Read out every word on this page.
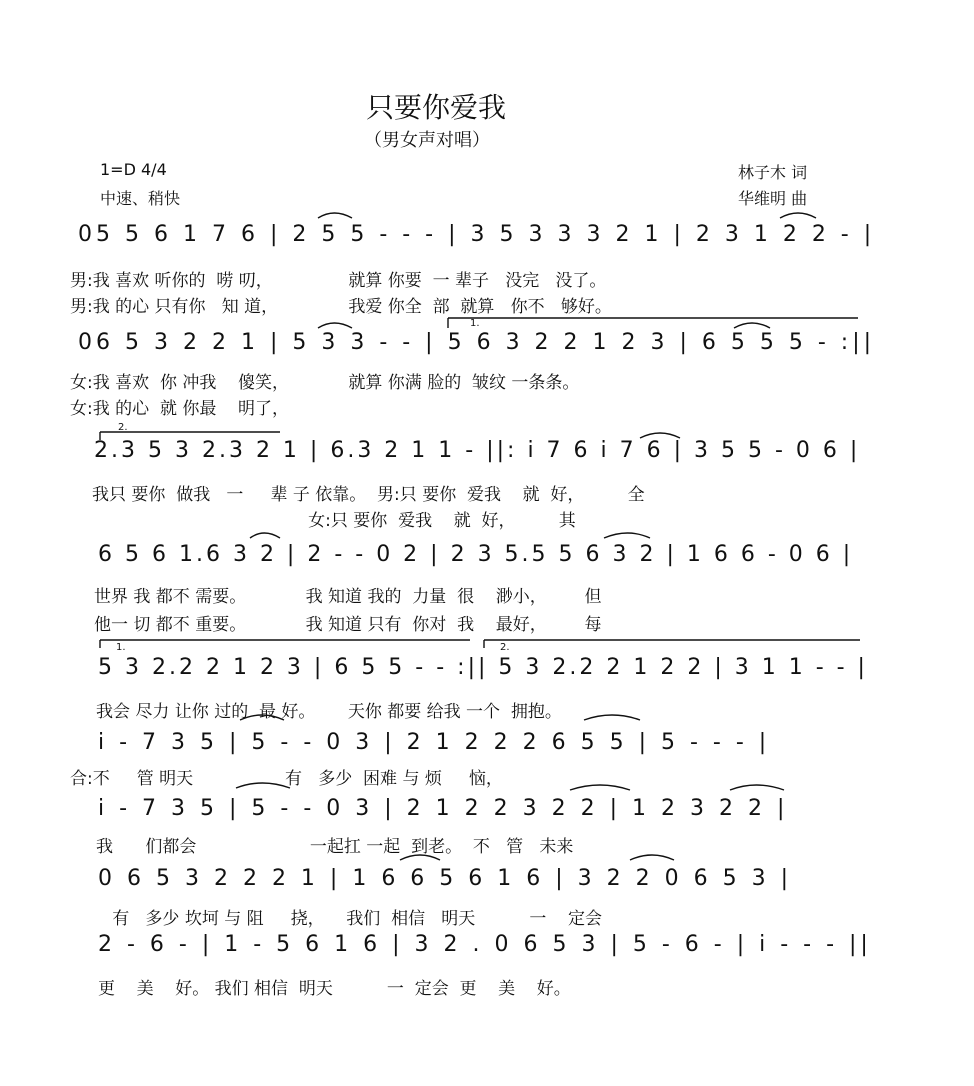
只要你爱我
（男女声对唱）
1=D 4/4
中速、稍快
林子木 词
华维明 曲
05 5 6 1 7 6 | 2 5 5 - - - | 3 5 3 3 3 2 1 | 2 3 1 2 2 - |
男:我 喜欢 听你的  唠 叨，              就算 你要  一 辈子   没完   没了。
男:我 的心 只有你   知 道，             我爱 你全  部  就算   你不   够好。
06 5 3 2 2 1 | 5 3 3 - - | 5 6 3 2 2 1 2 3 | 6 5 5 5 - :||
女:我 喜欢  你 冲我    傻笑，           就算 你满 脸的  皱纹 一条条。
女:我 的心  就 你最    明了，
2.3 5 3 2.3 2 1 | 6.3 2 1 1 - ||: i 7 6 i 7 6 | 3 5 5 - 0 6 |
我只 要你  做我   一     辈 子 依靠。  男:只 要你  爱我    就  好，        全
女:只 要你  爱我    就  好，        其
6 5 6 1.6 3 2 | 2 - - 0 2 | 2 3 5.5 5 6 3 2 | 1 6 6 - 0 6 |
世界 我 都不 需要。           我 知道 我的  力量  很    渺小，       但
他一 切 都不 重要。           我 知道 只有  你对  我    最好，       每
5 3 2.2 2 1 2 3 | 6 5 5 - - :|| 5 3 2.2 2 1 2 2 | 3 1 1 - - |
我会 尽力 让你 过的  最 好。      天你 都要 给我 一个  拥抱。
i - 7 3 5 | 5 - - 0 3 | 2 1 2 2 2 6 5 5 | 5 - - - |
合:不     管 明天                 有   多少  困难 与 烦     恼，
i - 7 3 5 | 5 - - 0 3 | 2 1 2 2 3 2 2 | 1 2 3 2 2 |
我      们都会                     一起扛 一起  到老。  不   管   未来
0 6 5 3 2 2 2 1 | 1 6 6 5 6 1 6 | 3 2 2 0 6 5 3 |
有   多少 坎坷 与 阻     挠，    我们  相信   明天          一    定会
2 - 6 - | 1 - 5 6 1 6 | 3 2 . 0 6 5 3 | 5 - 6 - | i - - - ||
更    美    好。 我们 相信  明天          一  定会  更    美    好。
1.
2.
1.	2.
